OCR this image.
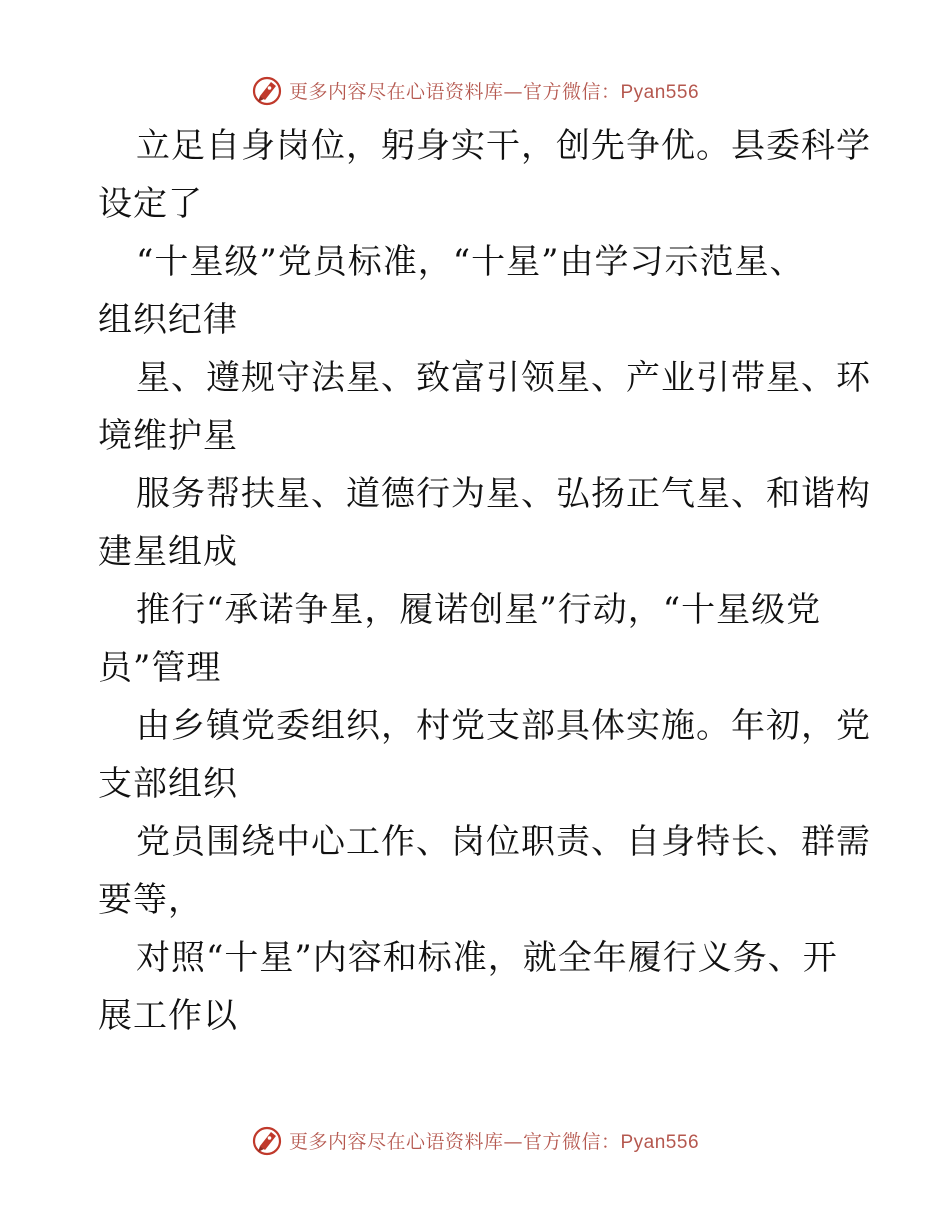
更多内容尽在心语资料库—官方微信：Pyan556

立足自身岗位，躬身实干，创先争优。县委科学
设定了

“十星级”党员标准，“十星”由学习示范星、
组织纪律

星、遵规守法星、致富引领星、产业引带星、环
境维护星

服务帮扶星、道德行为星、弘扬正气星、和谐构
建星组成

推行“承诺争星，履诺创星”行动，“十星级党
员”管理

由乡镇党委组织，村党支部具体实施。年初，党
支部组织

党员围绕中心工作、岗位职责、自身特长、群需
要等，

对照“十星”内容和标准，就全年履行义务、开
展工作以

更多内容尽在心语资料库—官方微信：Pyan556
